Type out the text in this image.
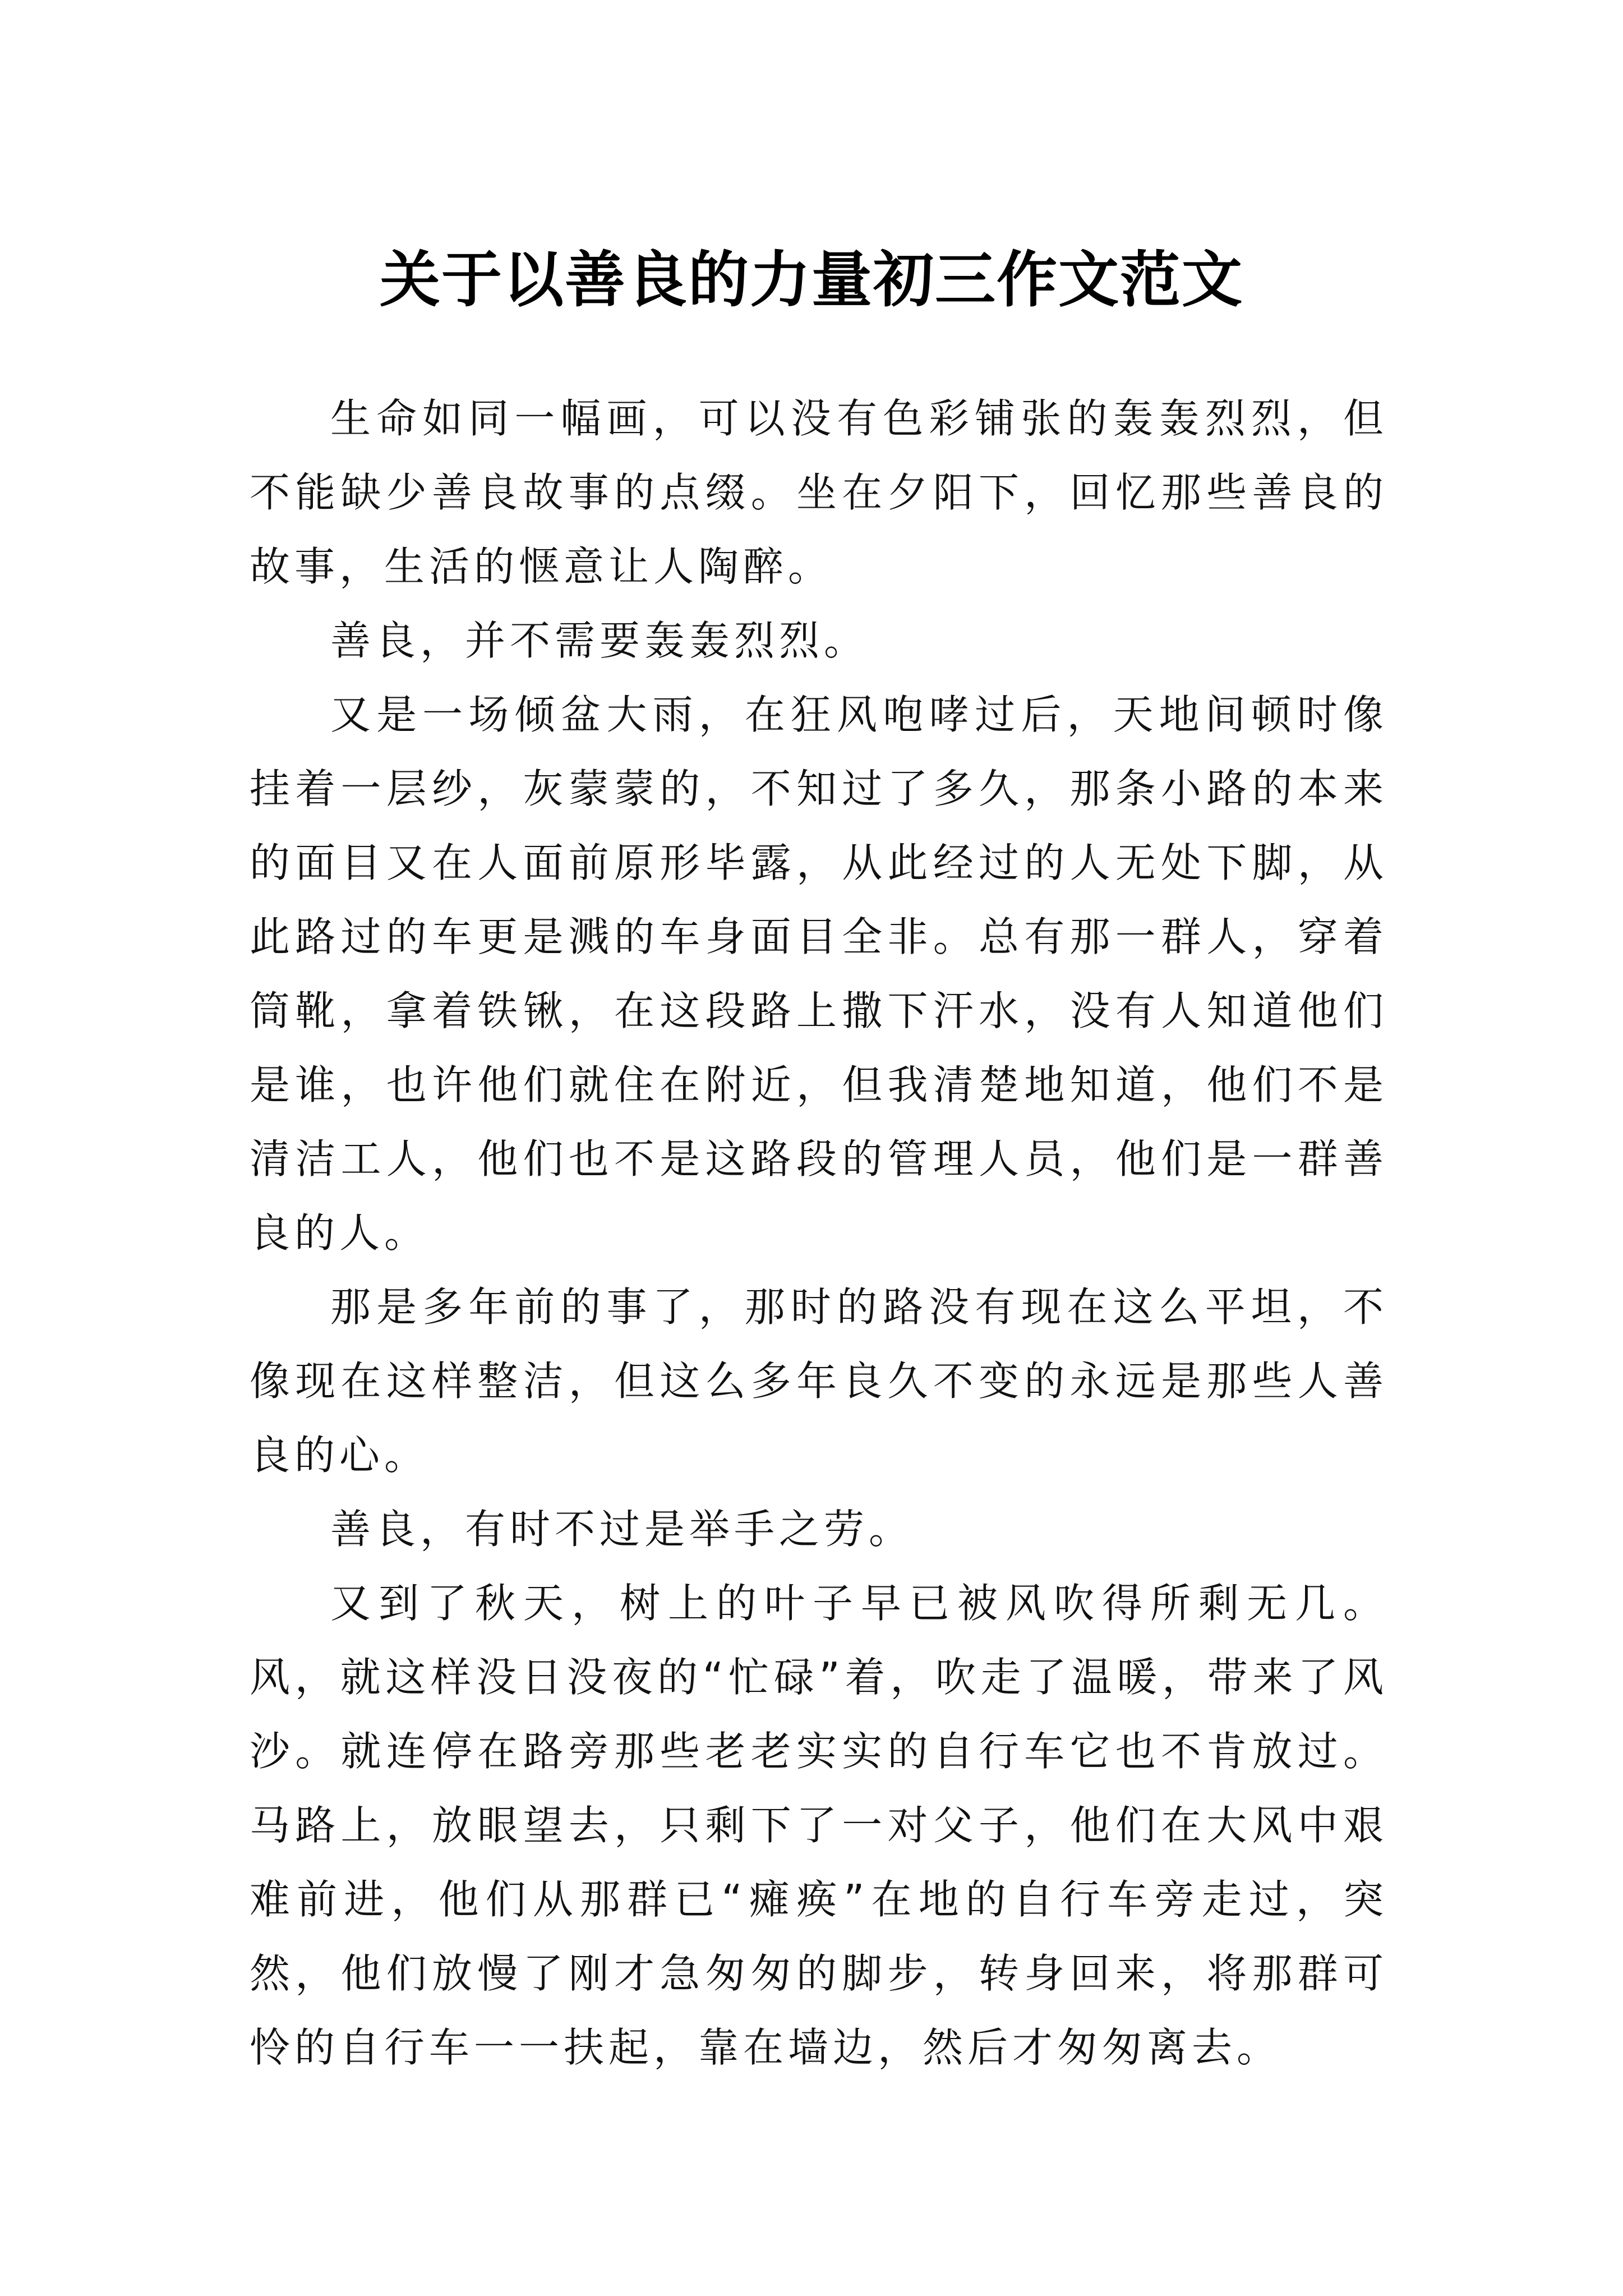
关于以善良的力量初三作文范文

生命如同一幅画，可以没有色彩铺张的轰轰烈烈，但不能缺少善良故事的点缀。坐在夕阳下，回忆那些善良的故事，生活的惬意让人陶醉。

善良，并不需要轰轰烈烈。

又是一场倾盆大雨，在狂风咆哮过后，天地间顿时像挂着一层纱，灰蒙蒙的，不知过了多久，那条小路的本来的面目又在人面前原形毕露，从此经过的人无处下脚，从此路过的车更是溅的车身面目全非。总有那一群人，穿着筒靴，拿着铁锹，在这段路上撒下汗水，没有人知道他们是谁，也许他们就住在附近，但我清楚地知道，他们不是清洁工人，他们也不是这路段的管理人员，他们是一群善良的人。

那是多年前的事了，那时的路没有现在这么平坦，不像现在这样整洁，但这么多年良久不变的永远是那些人善良的心。

善良，有时不过是举手之劳。

又到了秋天，树上的叶子早已被风吹得所剩无几。风，就这样没日没夜的“忙碌”着，吹走了温暖，带来了风沙。就连停在路旁那些老老实实的自行车它也不肯放过。马路上，放眼望去，只剩下了一对父子，他们在大风中艰难前进，他们从那群已“瘫痪”在地的自行车旁走过，突然，他们放慢了刚才急匆匆的脚步，转身回来，将那群可怜的自行车一一扶起，靠在墙边，然后才匆匆离去。
